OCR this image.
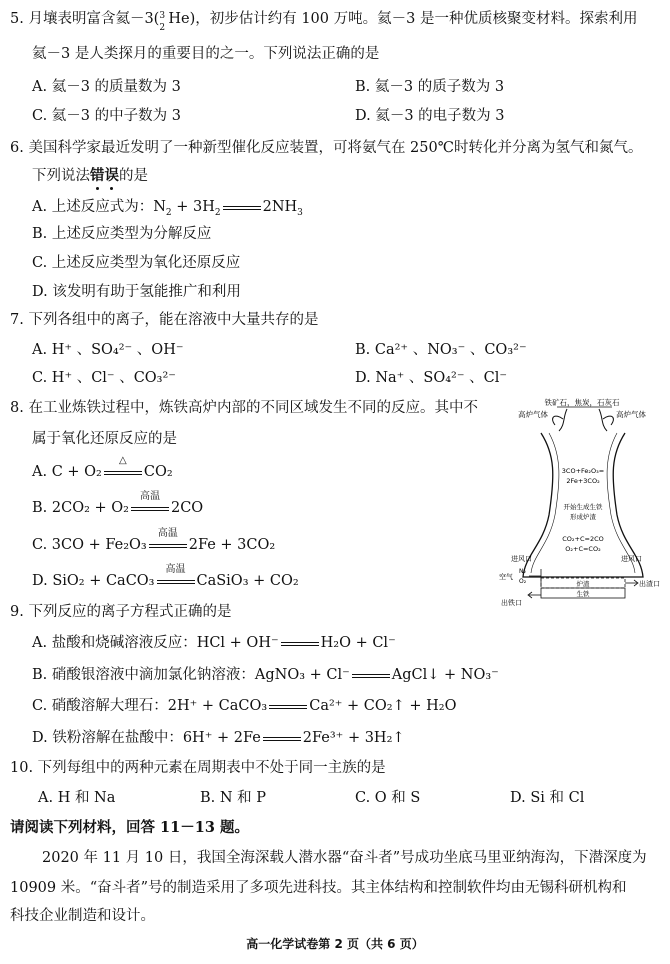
5. 月壤表明富含氦－3( 3
2
He)，初步估计约有 100 万吨。氦－3 是一种优质核聚变材料。探索利用
氦－3 是人类探月的重要目的之一。下列说法正确的是
A. 氦－3 的质量数为 3	B. 氦－3 的质子数为 3
C. 氦－3 的中子数为 3	D. 氦－3 的电子数为 3
6. 美国科学家最近发明了一种新型催化反应装置，可将氨气在 250℃时转化并分离为氢气和氮气。
下列说法错误的是
A. 上述反应式为：$N_2 + 3H_2$	$2NH_3$
B. 上述反应类型为分解反应
C. 上述反应类型为氧化还原反应
D. 该发明有助于氢能推广和利用
7. 下列各组中的离子，能在溶液中大量共存的是
A. H⁺ 、SO₄²⁻ 、OH⁻	B. Ca²⁺ 、NO₃⁻ 、CO₃²⁻
C. H⁺ 、Cl⁻ 、CO₃²⁻	D. Na⁺ 、SO₄²⁻ 、Cl⁻
8. 在工业炼铁过程中，炼铁高炉内部的不同区域发生不同的反应。其中不
属于氧化还原反应的是
A. C + O₂
△
CO₂
B. 2CO₂ + O₂
高温
2CO
C. 3CO + Fe₂O₃
高温
2Fe + 3CO₂
D. SiO₂ + CaCO₃
高温
CaSiO₃ + CO₂
铁矿石，焦炭，石灰石
高炉气体	高炉气体
3CO+Fe₂O₃=
2Fe+3CO₂
开始生成生铁
形成炉渣
CO₂+C=2CO
O₂+C=CO₂
进风口	进风口
空气
N₂
O₂	炉渣
生铁
出渣口
出铁口
9. 下列反应的离子方程式正确的是
A. 盐酸和烧碱溶液反应：HCl + OH⁻	H₂O + Cl⁻
B. 硝酸银溶液中滴加氯化钠溶液：AgNO₃ + Cl⁻	AgCl↓ + NO₃⁻
C. 硝酸溶解大理石：2H⁺ + CaCO₃	Ca²⁺ + CO₂↑ + H₂O
D. 铁粉溶解在盐酸中：6H⁺ + 2Fe	2Fe³⁺ + 3H₂↑
10. 下列每组中的两种元素在周期表中不处于同一主族的是
A. H 和 Na	B. N 和 P	C. O 和 S	D. Si 和 Cl
请阅读下列材料，回答 11－13 题。
2020 年 11 月 10 日，我国全海深载人潜水器“奋斗者”号成功坐底马里亚纳海沟，下潜深度为
10909 米。“奋斗者”号的制造采用了多项先进科技。其主体结构和控制软件均由无锡科研机构和
科技企业制造和设计。
高一化学试卷第 2 页（共 6 页）
